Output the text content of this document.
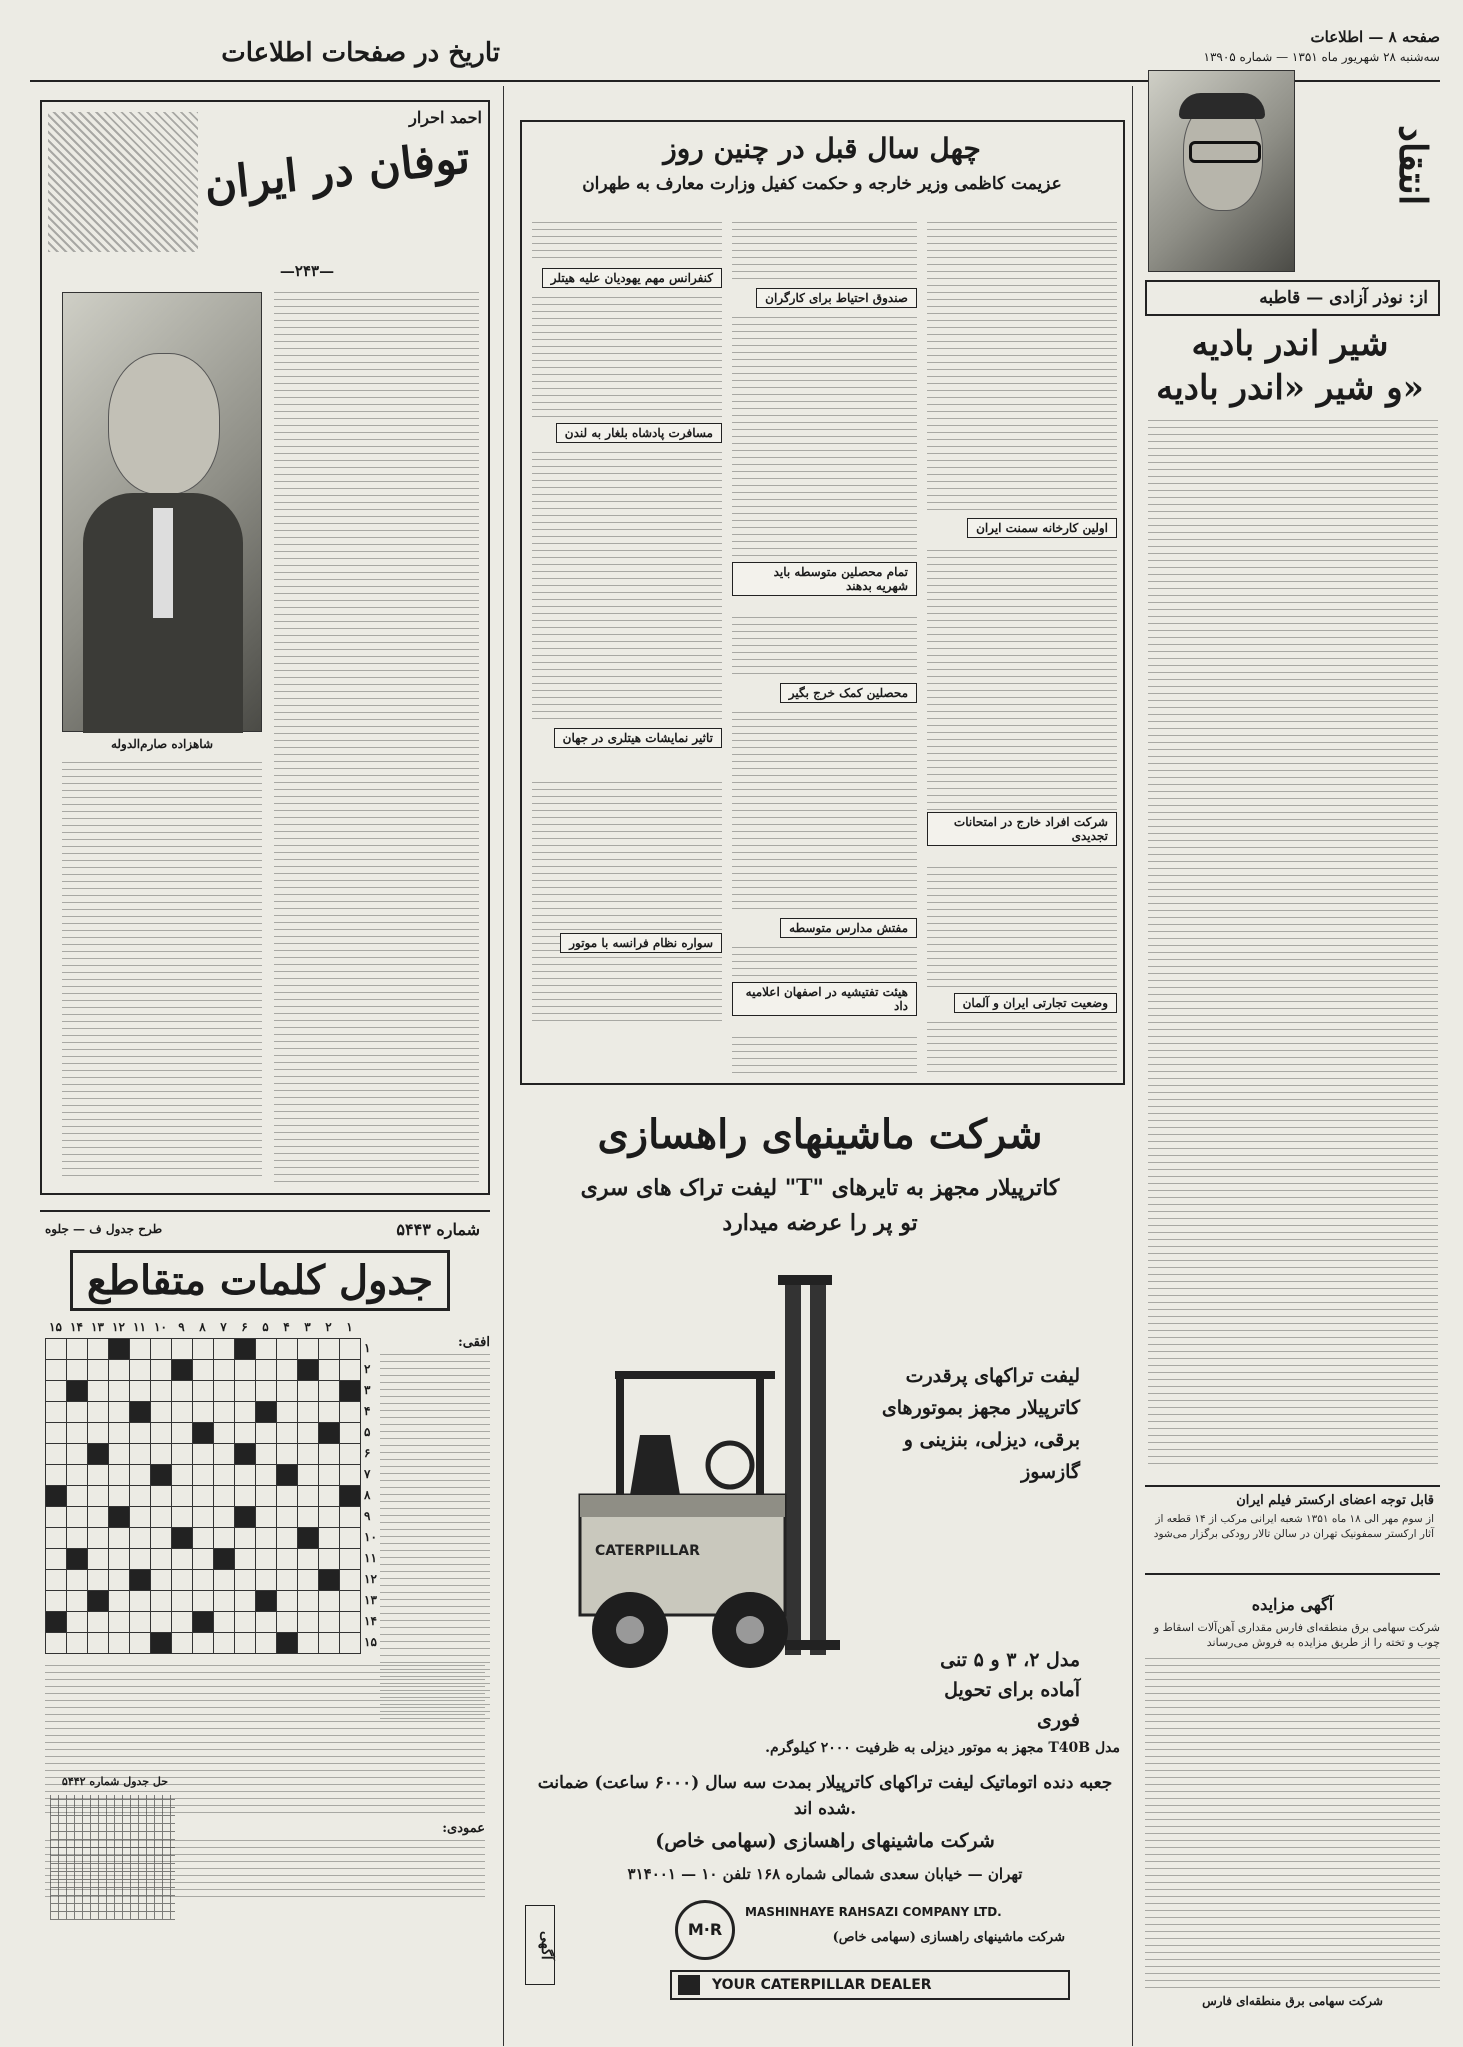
صفحه ۸ — اطلاعات
سه‌شنبه ۲۸ شهریور ماه ۱۳۵۱ — شماره ۱۳۹۰۵
تاریخ در صفحات اطلاعات
انتقاد
از: نوذر آزادی — قاطبه
شیر اندر بادیه
و شیر «اندر بادیه»
قابل توجه اعضای ارکستر فیلم ایران
از سوم مهر الی ۱۸ ماه ۱۳۵۱ شعبه ایرانی مرکب از ۱۴ قطعه از آثار ارکستر سمفونیک تهران در سالن تالار رودکی برگزار می‌شود
آگهی مزایده
شرکت سهامی برق منطقه‌ای فارس مقداری آهن‌آلات اسقاط و چوب و تخته را از طریق مزایده به فروش می‌رساند
شرکت سهامی برق منطقه‌ای فارس
چهل سال قبل در چنین روز
عزیمت کاظمی وزیر خارجه و حکمت کفیل وزارت معارف به طهران
اولین کارخانه سمنت ایران
شرکت افراد خارج در امتحانات تجدیدی
وضعیت تجارتی ایران و آلمان
صندوق احتیاط برای کارگران
تمام محصلین متوسطه باید شهریه بدهند
محصلین کمک خرج بگیر
مفتش مدارس متوسطه
هیئت تفتیشیه در اصفهان اعلامیه داد
کنفرانس مهم یهودیان علیه هیتلر
مسافرت پادشاه بلغار به لندن
تاثیر نمایشات هیتلری در جهان
سواره نظام فرانسه با موتور
شرکت ماشینهای راهسازی
لیفت تراک های سری "T" کاترپیلار مجهز به تایرهای
تو پر را عرضه میدارد
CATERPILLAR
لیفت تراکهای پرقدرت
کاترپیلار مجهز بموتورهای
برقی، دیزلی، بنزینی و
گازسوز
مدل ۲، ۳ و ۵ تنی
آماده برای تحویل
فوری
مدل T40B مجهز به موتور دیزلی به ظرفیت ۲۰۰۰ کیلوگرم.
جعبه دنده اتوماتیک لیفت تراکهای کاترپیلار بمدت سه سال (۶۰۰۰ ساعت) ضمانت شده اند.
شرکت ماشینهای راهسازی (سهامی خاص)
تهران — خیابان سعدی شمالی شماره ۱۶۸ تلفن ۱۰ — ۳۱۴۰۰۱
M·R
MASHINHAYE RAHSAZI COMPANY LTD.
شرکت ماشینهای راهسازی (سهامی خاص)
YOUR CATERPILLAR DEALER
آگهی
احمد احرار
توفان در ایران
—۲۴۳—
شاهزاده صارم‌الدوله
شماره ۵۴۴۳
طرح جدول ف — جلوه
جدول کلمات متقاطع
۱
۲
۳
۴
۵
۶
۷
۸
۹
۱۰
۱۱
۱۲
۱۳
۱۴
۱۵

۱
۲
۳
۴
۵
۶
۷
۸
۹
۱۰
۱۱
۱۲
۱۳
۱۴
۱۵
افقی:
عمودی:
حل جدول شماره ۵۴۴۲
